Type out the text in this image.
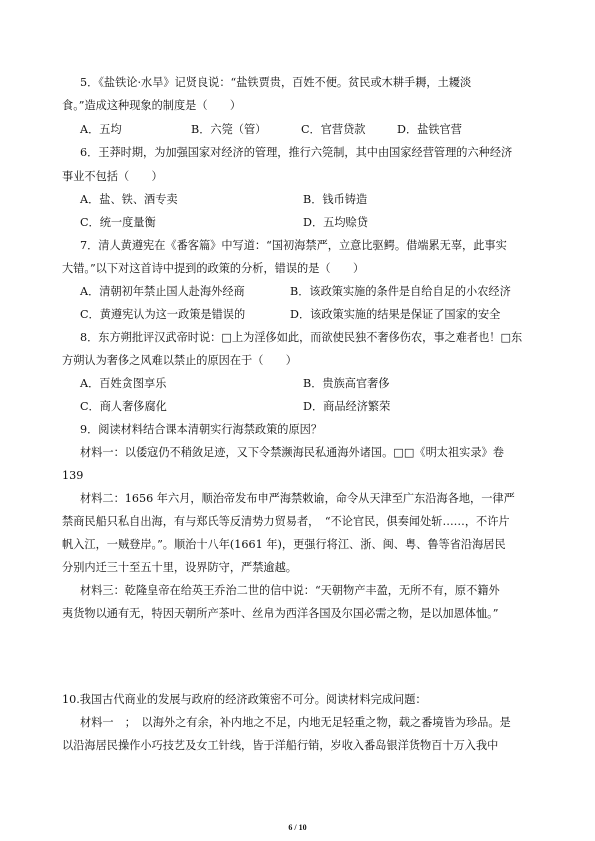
5．《盐铁论·水旱》记贤良说：“盐铁贾贵，百姓不便。贫民或木耕手耨，土耰淡
食。”造成这种现象的制度是（　　）
A．五均	B．六筦（管）	C．官营贷款	D．盐铁官营
6．王莽时期，为加强国家对经济的管理，推行六筦制，其中由国家经营管理的六种经济
事业不包括（　　）
A．盐、铁、酒专卖	B．钱币铸造
C．统一度量衡	D．五均赊贷
7．清人黄遵宪在《番客篇》中写道：“国初海禁严，立意比驱鳄。借端累无辜，此事实
大错。”以下对这首诗中提到的政策的分析，错误的是（　　）
A．清朝初年禁止国人赴海外经商	B．该政策实施的条件是自给自足的小农经济
C．黄遵宪认为这一政策是错误的	D．该政策实施的结果是保证了国家的安全
8．东方朔批评汉武帝时说：□上为淫侈如此，而欲使民独不奢侈伤农，事之难者也！□东
方朔认为奢侈之风难以禁止的原因在于（　　）
A．百姓贪图享乐	B．贵族高官奢侈
C．商人奢侈腐化	D．商品经济繁荣
9．阅读材料结合课本清朝实行海禁政策的原因？
材料一：以倭寇仍不稍敛足迹，又下令禁濒海民私通海外诸国。□□《明太祖实录》卷
139
材料二：1656 年六月，顺治帝发布申严海禁敕谕，命令从天津至广东沿海各地，一律严
禁商民船只私自出海，有与郑氏等反清势力贸易者，　“不论官民，俱奏闻处斩……，不许片
帆入江，一贼登岸。”。顺治十八年(1661 年)，更强行将江、浙、闽、粤、鲁等省沿海居民
分别内迁三十至五十里，设界防守，严禁逾越。
材料三：乾隆皇帝在给英王乔治二世的信中说：“天朝物产丰盈，无所不有，原不籍外
夷货物以通有无，特因天朝所产茶叶、丝帛为西洋各国及尔国必需之物，是以加恩体恤。”
10.我国古代商业的发展与政府的经济政策密不可分。阅读材料完成问题：
材料一　；　以海外之有余，补内地之不足，内地无足轻重之物，载之番境皆为珍品。是
以沿海居民操作小巧技艺及女工针线，皆于洋船行销，岁收入番岛银洋货物百十万入我中
6 / 10
